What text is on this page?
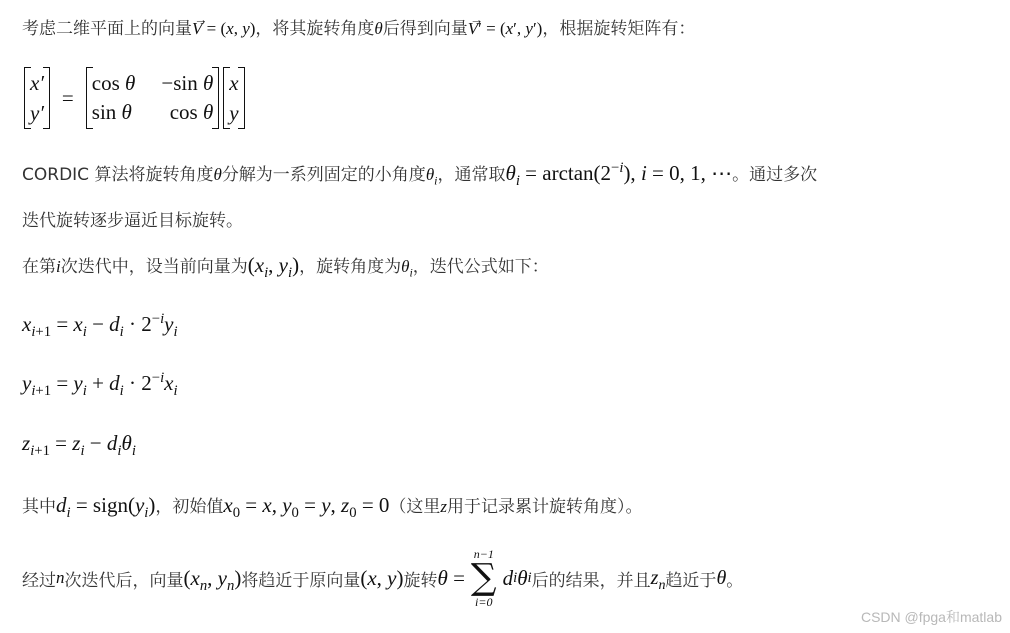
考虑二维平面上的向量→ V = (x, y)，将其旋转角度θ后得到向量→ V′ = (x′, y′)，根据旋转矩阵有：
x′
y′
=
cos θ −sin θ
sin θ	cos θ
x
y
CORDIC 算法将旋转角度θ分解为一系列固定的小角度$\theta_i$，通常取$\theta_i = \arctan(2^{-i})$, i = 0, 1, ⋯。通过多次
迭代旋转逐步逼近目标旋转。
在第i次迭代中，设当前向量为($x_i$, $y_i$)，旋转角度为$\theta_i$，迭代公式如下：
$x_{i+1} = x_i - d_i \cdot 2^{-i}y_i$
$y_{i+1} = y_i + d_i \cdot 2^{-i}x_i$
$z_{i+1} = z_i - d_i\theta_i$
其中$d_i$ = $sign(y_i)$，初始值$x_0 = x$, $y_0 = y$, $z_0 = 0$（这里z用于记录累计旋转角度）。
经过 n 次迭代后，向量 ($x_n$, $y_n$) 将趋近于原向量 (x, y) 旋转 θ =
n−1
∑
i=0
d i θ i 后的结果，并且 $z_n$ 趋近于 θ 。
CSDN @fpga和matlab
